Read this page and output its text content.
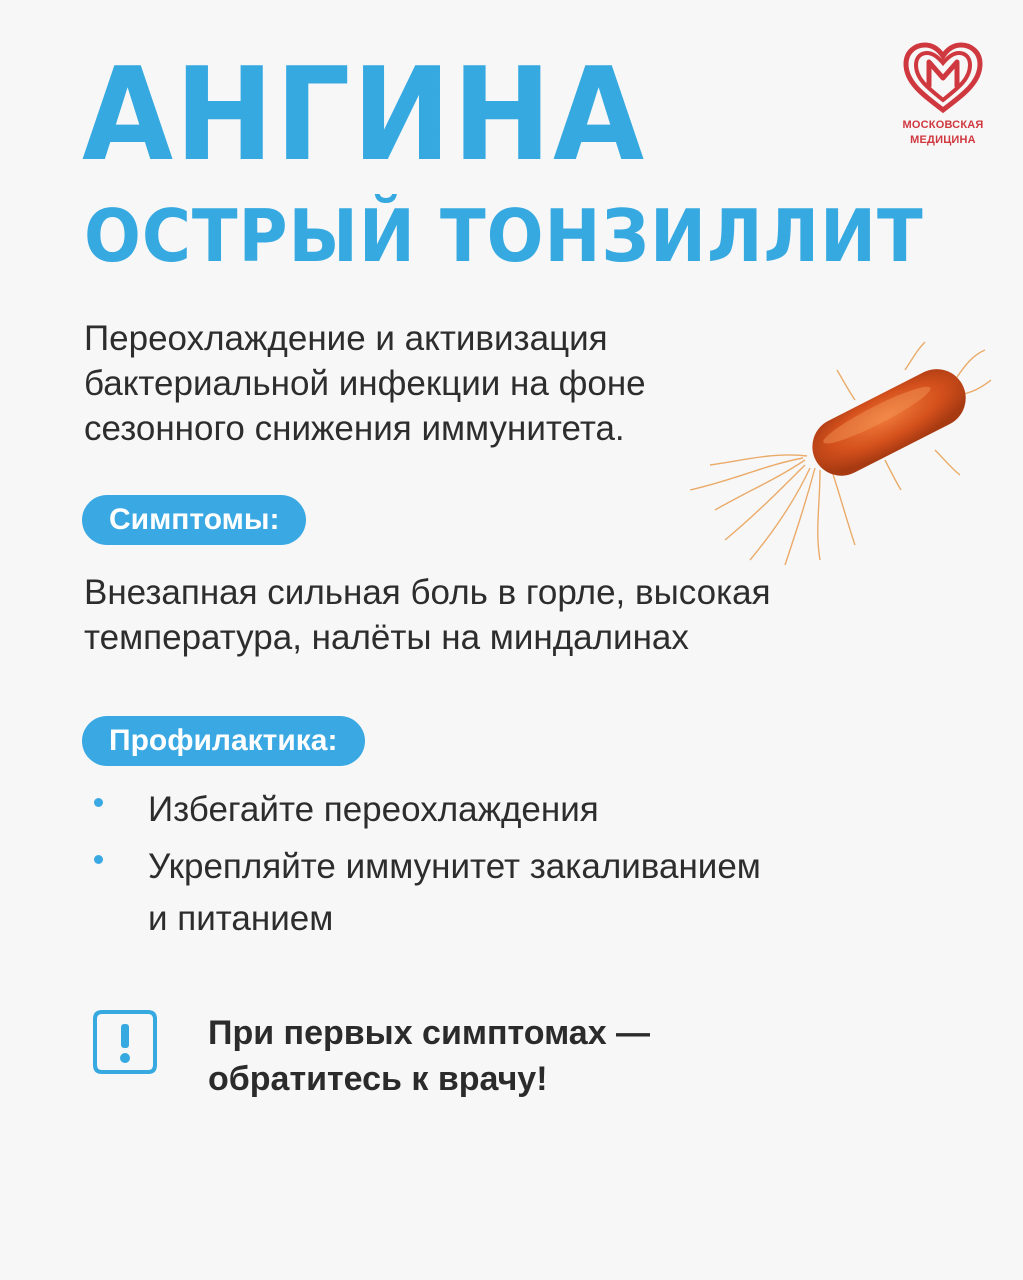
АНГИНА
ОСТРЫЙ ТОНЗИЛЛИТ
МОСКОВСКАЯ
МЕДИЦИНА
Переохлаждение и активизация
бактериальной инфекции на фоне
сезонного снижения иммунитета.
Симптомы:
Внезапная сильная боль в горле, высокая
температура, налёты на миндалинах
Профилактика:
Избегайте переохлаждения
Укрепляйте иммунитет закаливанием
и питанием
При первых симптомах —
обратитесь к врачу!
